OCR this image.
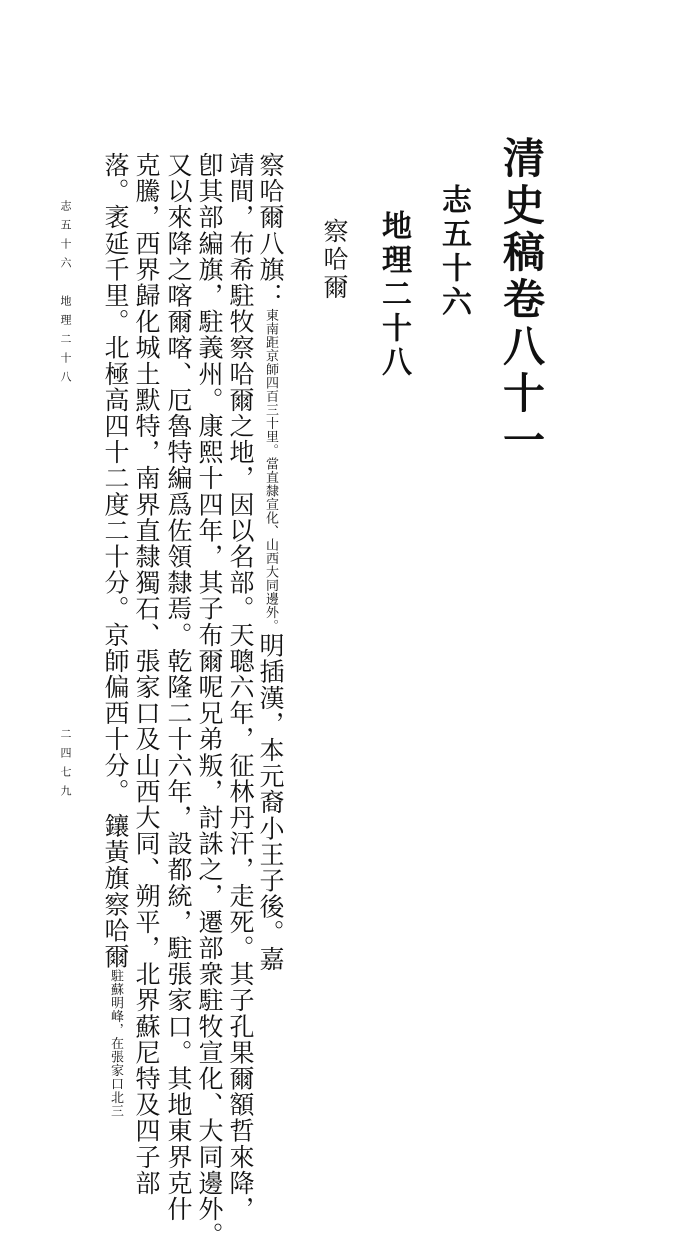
清史稿卷八十一
志五十六
地理二十八
察哈爾
察哈爾八旗：東南距京師四百三十里。當直隸宣化、山西大同邊外。明插漢，本元裔小王子後。嘉
靖間，布希駐牧察哈爾之地，因以名部。天聰六年，征林丹汗，走死。其子孔果爾額哲來降，
卽其部編旗，駐義州。康熙十四年，其子布爾呢兄弟叛，討誅之，遷部衆駐牧宣化、大同邊外。
又以來降之喀爾喀、厄魯特編爲佐領隸焉。乾隆二十六年，設都統，駐張家口。其地東界克什
克騰，西界歸化城土默特，南界直隸獨石、張家口及山西大同、朔平，北界蘇尼特及四子部
落。袤延千里。北極高四十二度二十分。京師偏西十分。鑲黃旗察哈爾駐蘇明峰，在張家口北三
志五十六　地理二十八
二四七九
